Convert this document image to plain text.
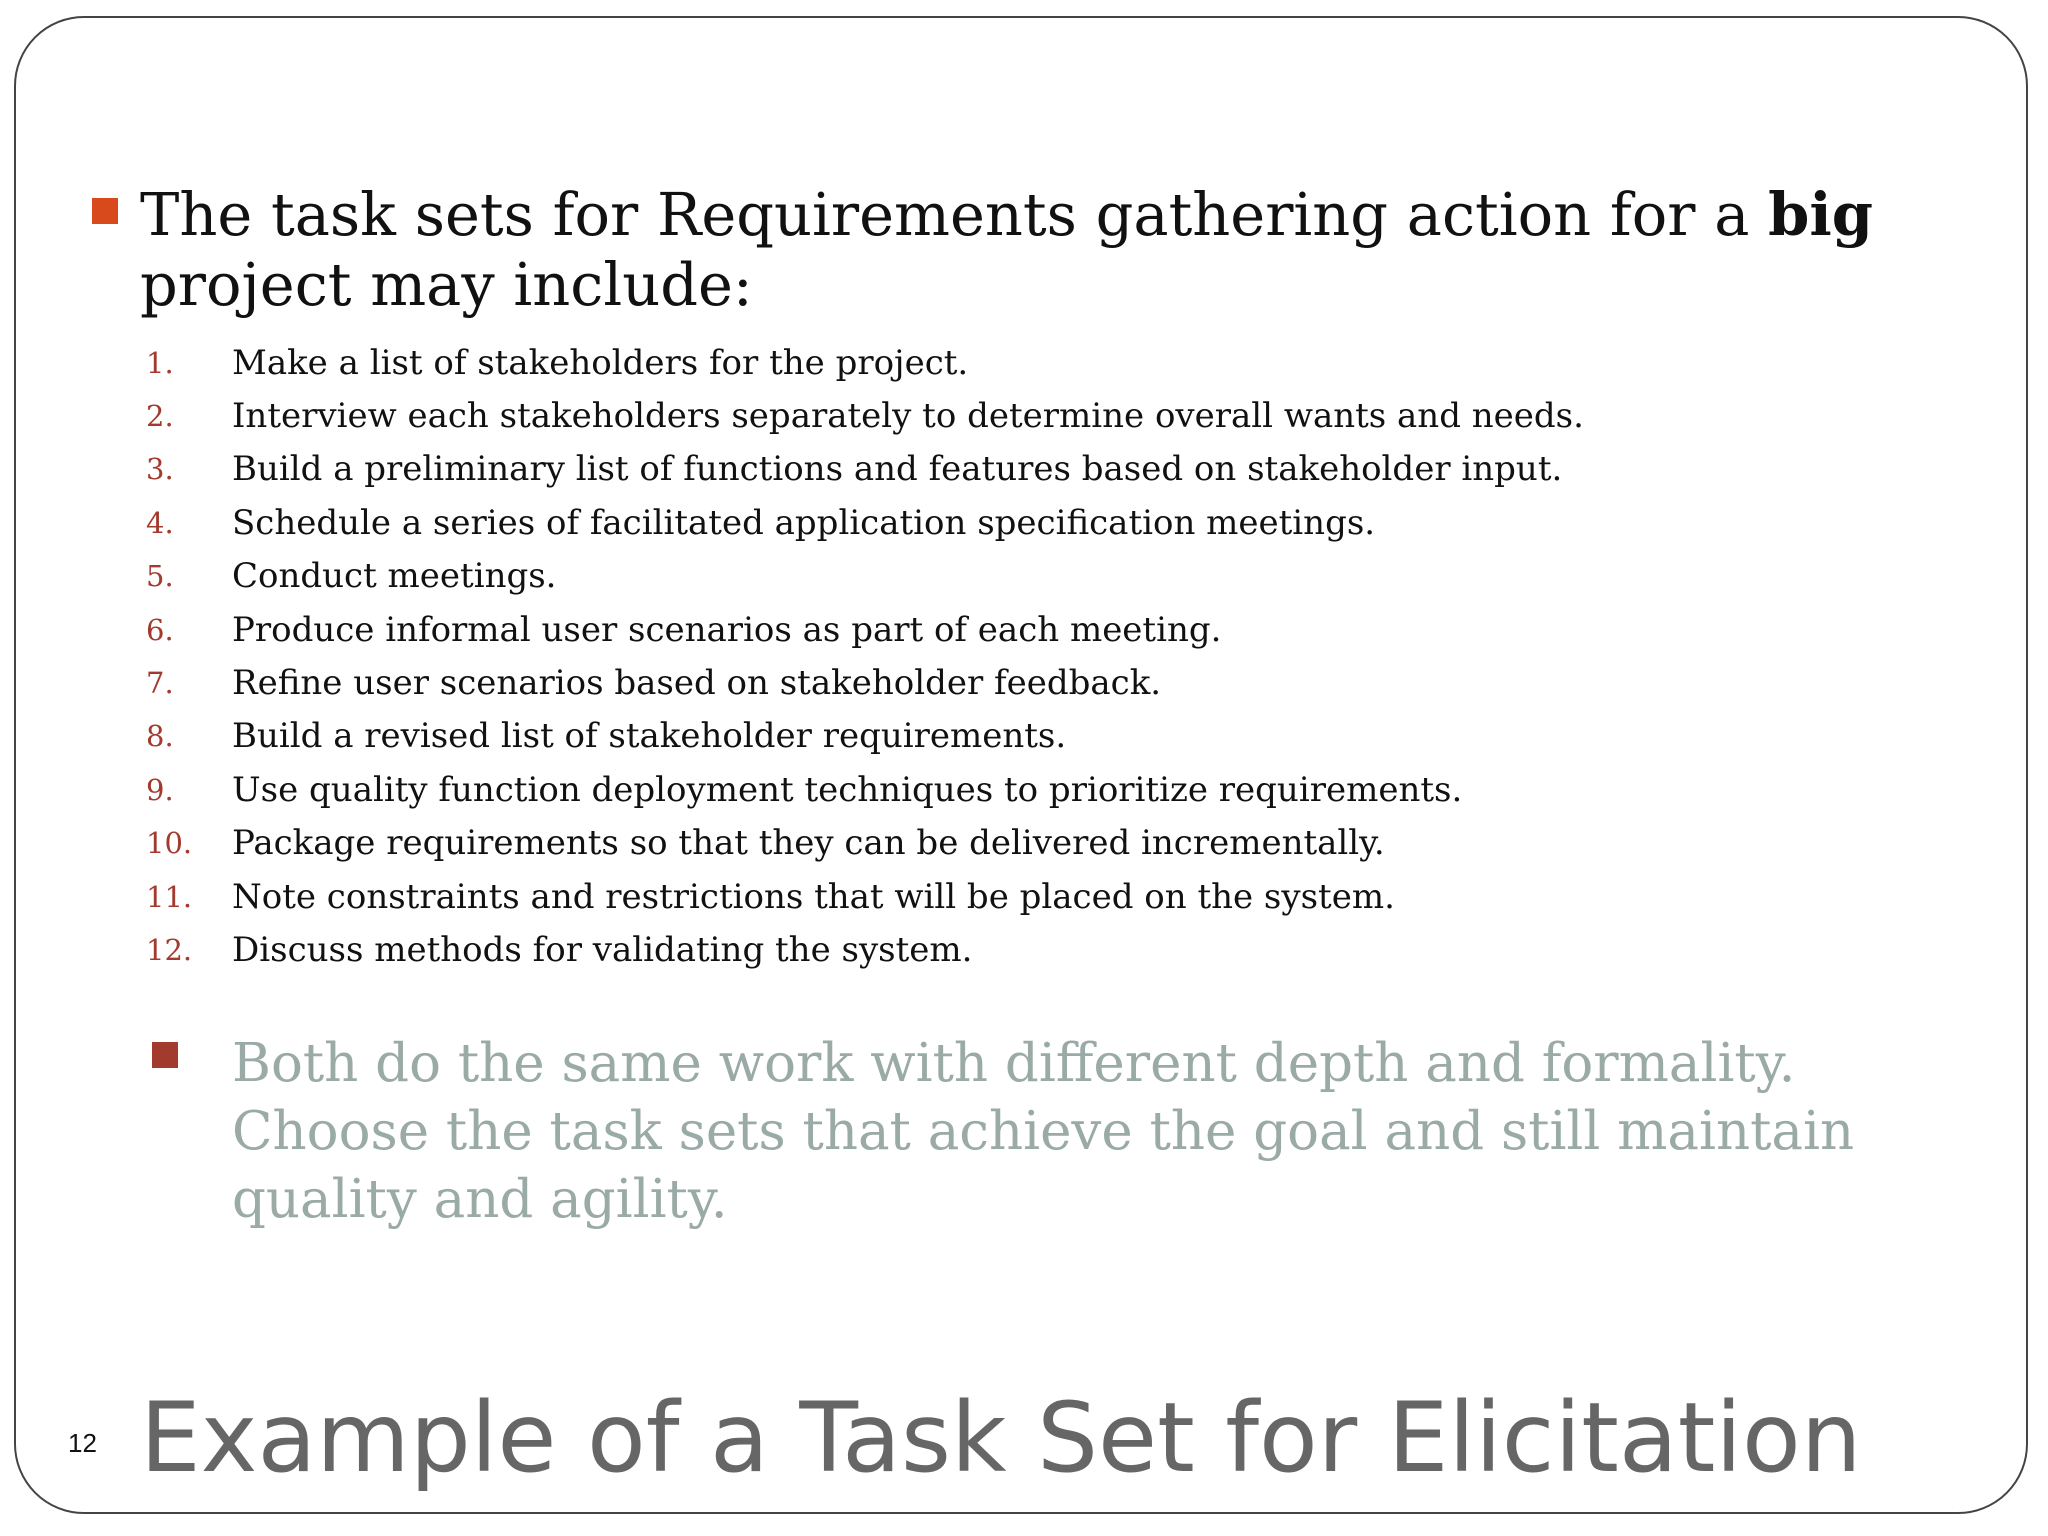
The task sets for Requirements gathering action for a big project may include:
1.	Make a list of stakeholders for the project.
2.	Interview each stakeholders separately to determine overall wants and needs.
3.	Build a preliminary list of functions and features based on stakeholder input.
4.	Schedule a series of facilitated application specification meetings.
5.	Conduct meetings.
6.	Produce informal user scenarios as part of each meeting.
7.	Refine user scenarios based on stakeholder feedback.
8.	Build a revised list of stakeholder requirements.
9.	Use quality function deployment techniques to prioritize requirements.
10.	Package requirements so that they can be delivered incrementally.
11.	Note constraints and restrictions that will be placed on the system.
12.	Discuss methods for validating the system.
Both do the same work with different depth and formality. Choose the task sets that achieve the goal and still maintain quality and agility.
12 Example of a Task Set for Elicitation
